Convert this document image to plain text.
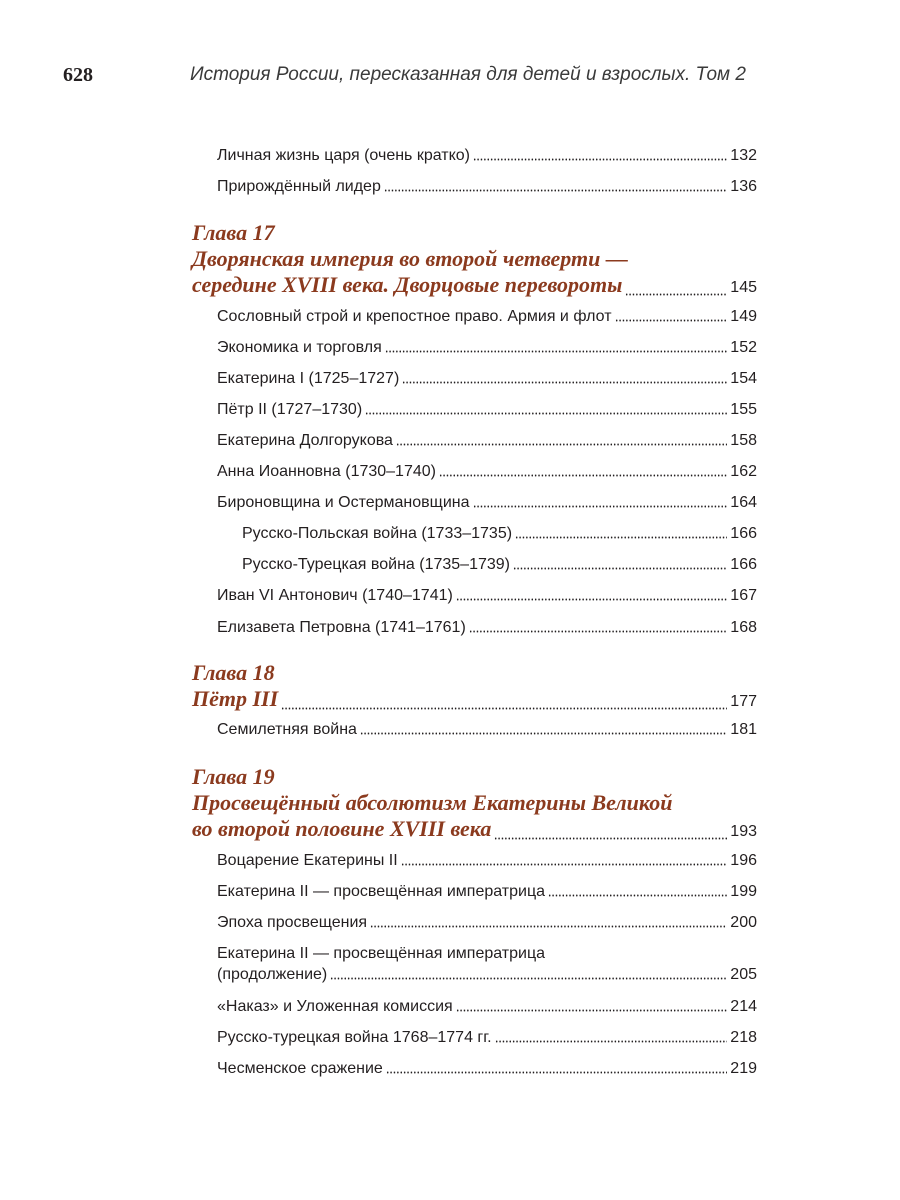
628	История России, пересказанная для детей и взрослых. Том 2
Личная жизнь царя (очень кратко)	132
Прирождённый лидер	136
Глава 17
Дворянская империя во второй четверти —
середине XVIII века. Дворцовые перевороты	145
Сословный строй и крепостное право. Армия и флот	149
Экономика и торговля	152
Екатерина I (1725–1727)	154
Пётр II (1727–1730)	155
Екатерина Долгорукова	158
Анна Иоанновна (1730–1740)	162
Бироновщина и Остермановщина	164
Русско-Польская война (1733–1735)	166
Русско-Турецкая война (1735–1739)	166
Иван VI Антонович (1740–1741)	167
Елизавета Петровна (1741–1761)	168
Глава 18
Пётр III	177
Семилетняя война	181
Глава 19
Просвещённый абсолютизм Екатерины Великой
во второй половине XVIII века	193
Воцарение Екатерины II	196
Екатерина II — просвещённая императрица	199
Эпоха просвещения	200
Екатерина II — просвещённая императрица
(продолжение)	205
«Наказ» и Уложенная комиссия	214
Русско-турецкая война 1768–1774 гг.	218
Чесменское сражение	219
